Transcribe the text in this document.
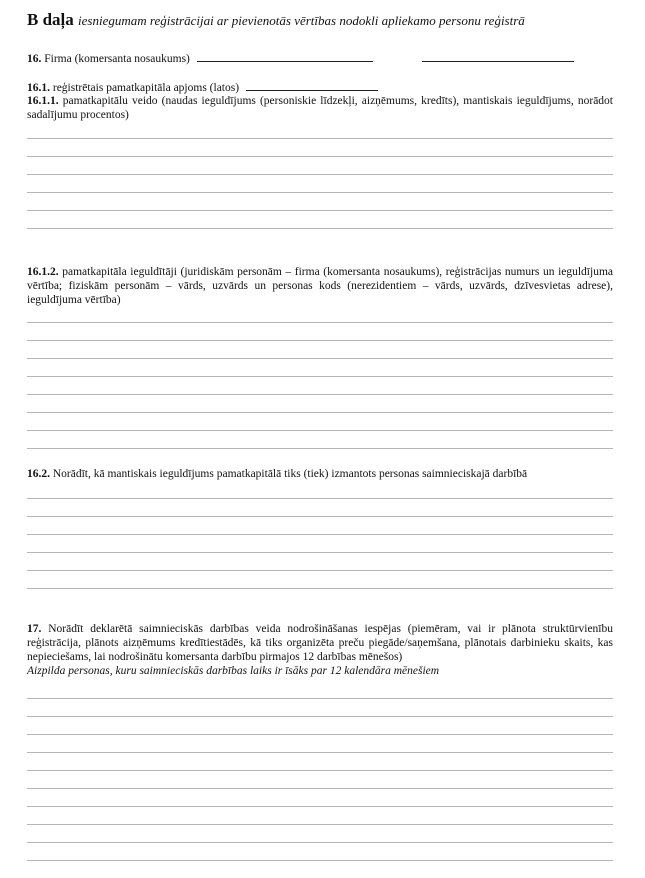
B daļa iesniegumam reģistrācijai ar pievienotās vērtības nodokli apliekamo personu reģistrā
16. Firma (komersanta nosaukums)
16.1. reģistrētais pamatkapitāla apjoms (latos)
16.1.1. pamatkapitālu veido (naudas ieguldījums (personiskie līdzekļi, aizņēmums, kredīts), mantiskais ieguldījums, norādot sadalījumu procentos)
16.1.2. pamatkapitāla ieguldītāji (juridiskām personām – firma (komersanta nosaukums), reģistrācijas numurs un ieguldījuma vērtība; fiziskām personām – vārds, uzvārds un personas kods (nerezidentiem – vārds, uzvārds, dzīvesvietas adrese), ieguldījuma vērtība)
16.2. Norādīt, kā mantiskais ieguldījums pamatkapitālā tiks (tiek) izmantots personas saimnieciskajā darbībā
17. Norādīt deklarētā saimnieciskās darbības veida nodrošināšanas iespējas (piemēram, vai ir plānota struktūrvienību reģistrācija, plānots aizņēmums kredītiestādēs, kā tiks organizēta preču piegāde/saņemšana, plānotais darbinieku skaits, kas nepieciešams, lai nodrošinātu komersanta darbību pirmajos 12 darbības mēnešos)
Aizpilda personas, kuru saimnieciskās darbības laiks ir īsāks par 12 kalendāra mēnešiem
